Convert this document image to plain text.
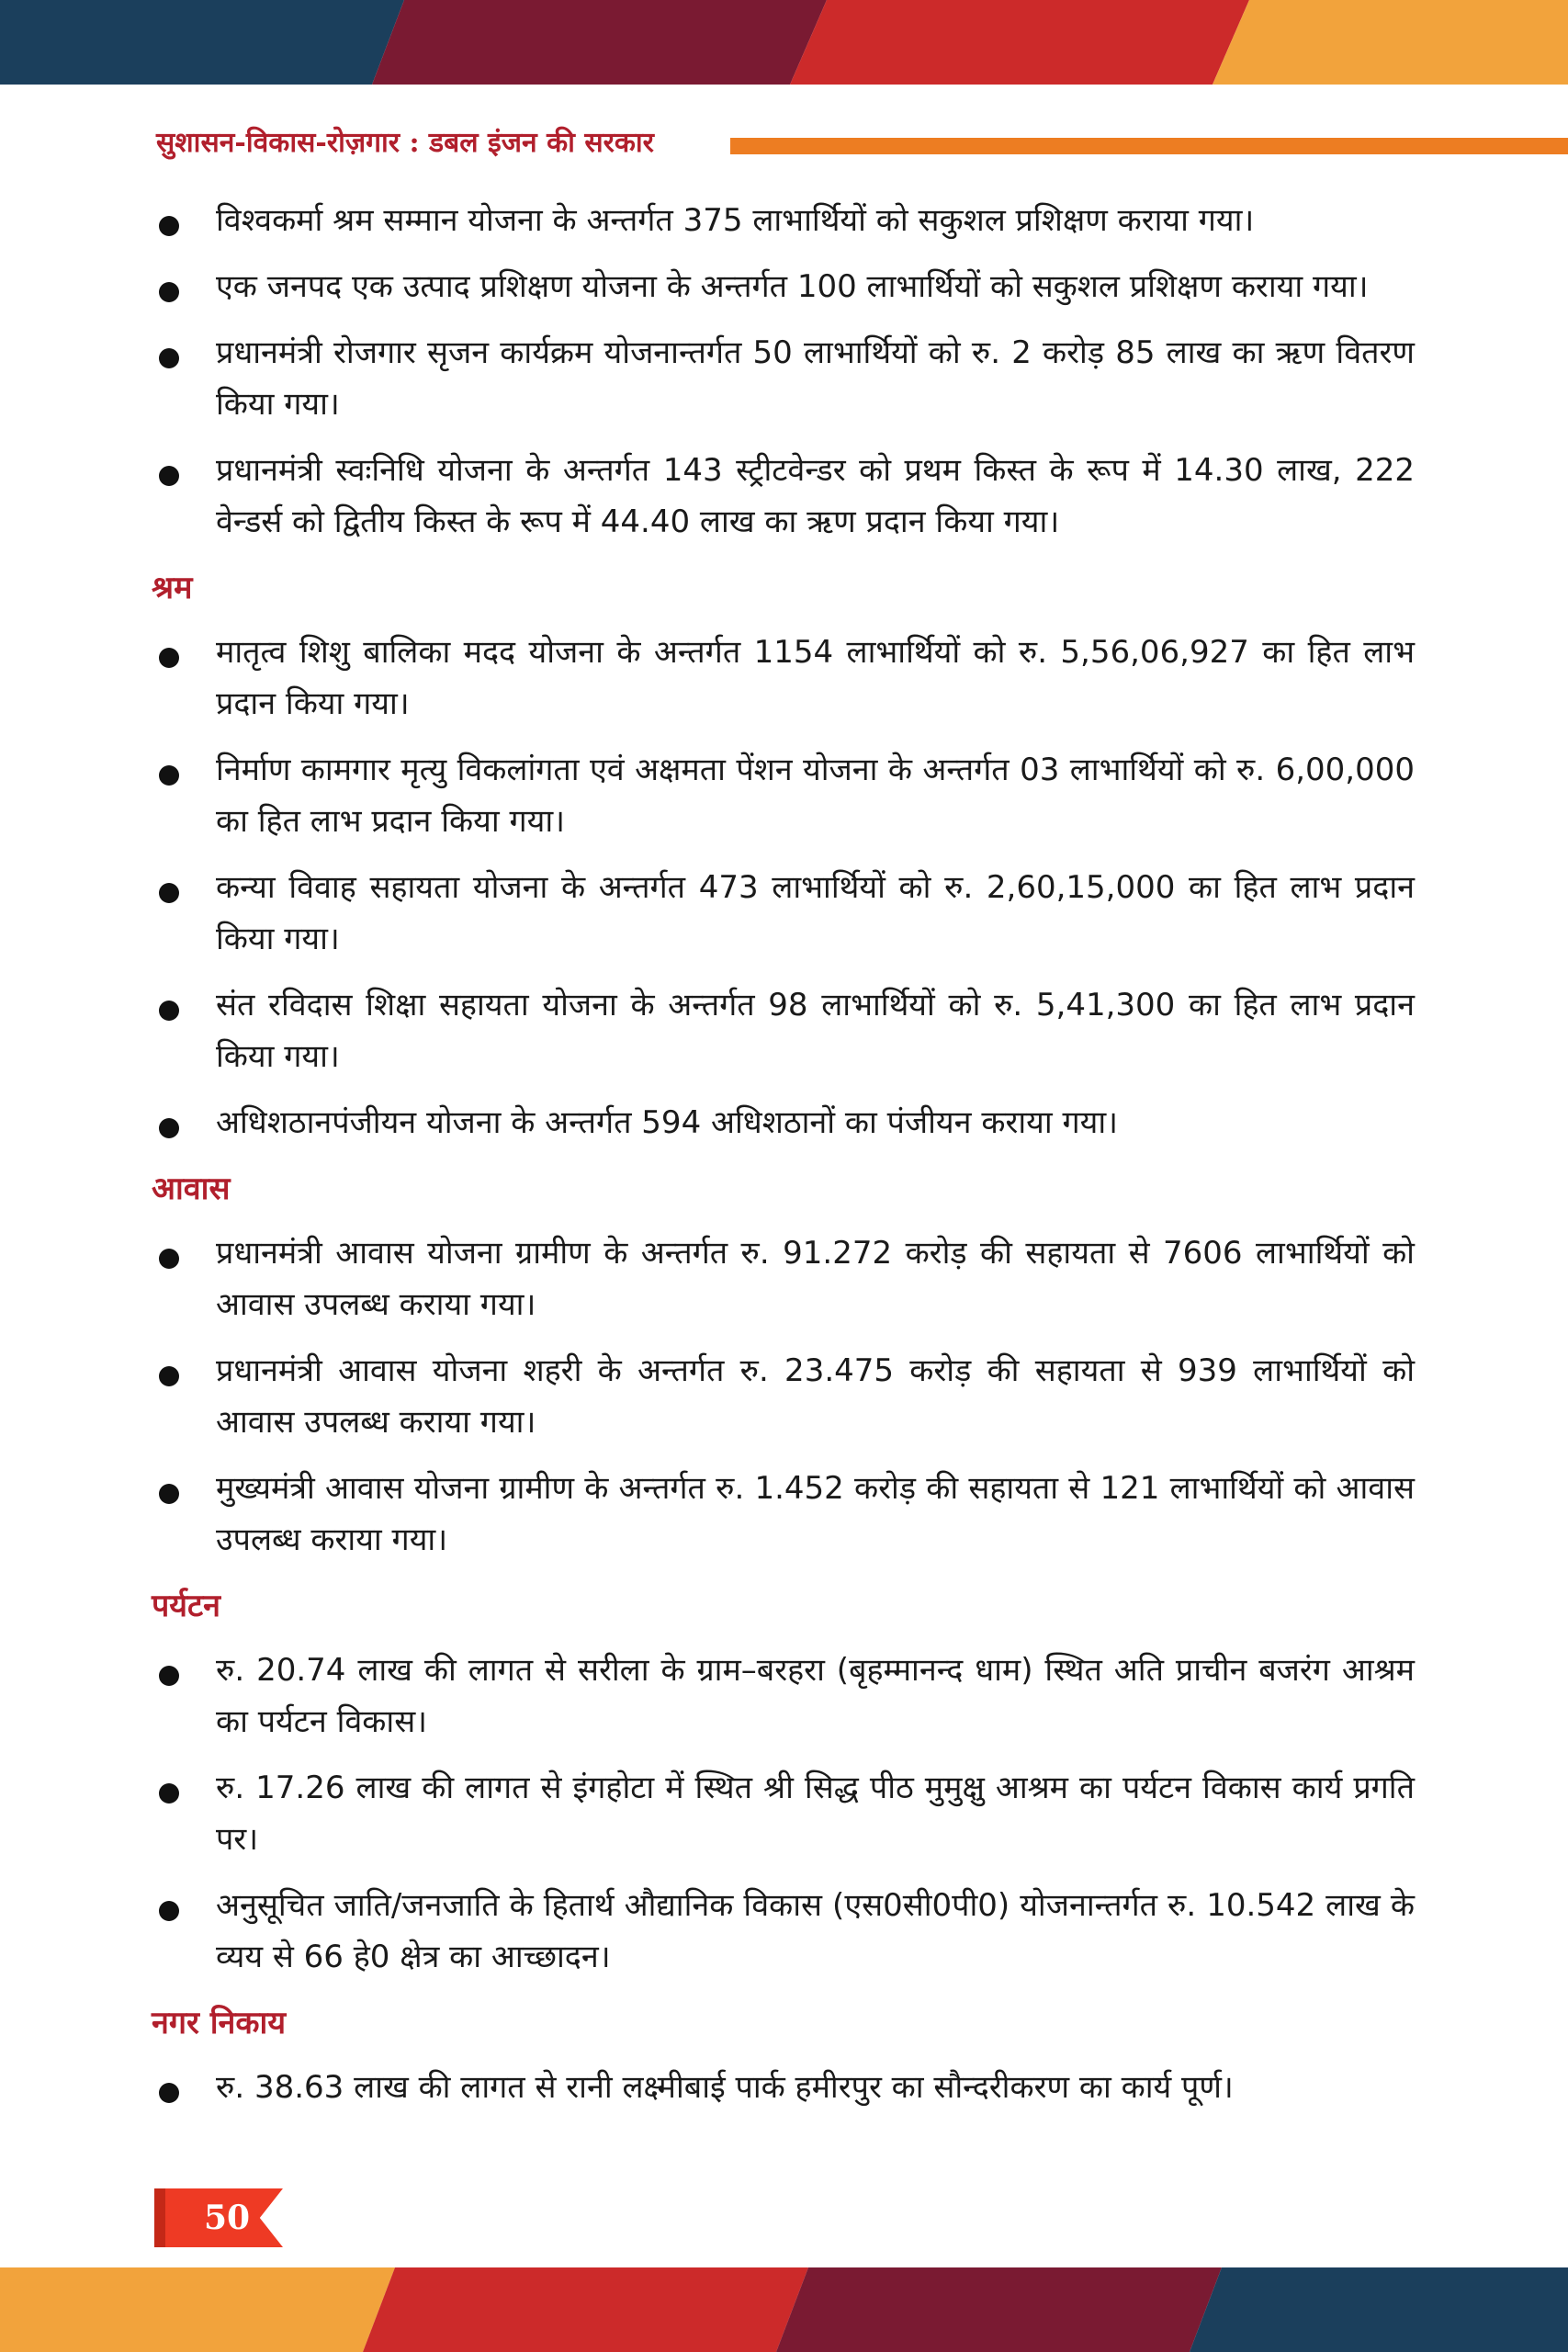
सुशासन-विकास-रोज़गार : डबल इंजन की सरकार
विश्वकर्मा श्रम सम्मान योजना के अन्तर्गत 375 लाभार्थियों को सकुशल प्रशिक्षण कराया गया।
एक जनपद एक उत्पाद प्रशिक्षण योजना के अन्तर्गत 100 लाभार्थियों को सकुशल प्रशिक्षण कराया गया।
प्रधानमंत्री रोजगार सृजन कार्यक्रम योजनान्तर्गत 50 लाभार्थियों को रु. 2 करोड़ 85 लाख का ऋण वितरण किया गया।
प्रधानमंत्री स्वःनिधि योजना के अन्तर्गत 143 स्ट्रीटवेन्डर को प्रथम किस्त के रूप में 14.30 लाख, 222 वेन्डर्स को द्वितीय किस्त के रूप में 44.40 लाख का ऋण प्रदान किया गया।
श्रम
मातृत्व शिशु बालिका मदद योजना के अन्तर्गत 1154 लाभार्थियों को रु. 5,56,06,927 का हित लाभ प्रदान किया गया।
निर्माण कामगार मृत्यु विकलांगता एवं अक्षमता पेंशन योजना के अन्तर्गत 03 लाभार्थियों को रु. 6,00,000 का हित लाभ प्रदान किया गया।
कन्या विवाह सहायता योजना के अन्तर्गत 473 लाभार्थियों को रु. 2,60,15,000 का हित लाभ प्रदान किया गया।
संत रविदास शिक्षा सहायता योजना के अन्तर्गत 98 लाभार्थियों को रु. 5,41,300 का हित लाभ प्रदान किया गया।
अधिशठानपंजीयन योजना के अन्तर्गत 594 अधिशठानों का पंजीयन कराया गया।
आवास
प्रधानमंत्री आवास योजना ग्रामीण के अन्तर्गत रु. 91.272 करोड़ की सहायता से 7606 लाभार्थियों को आवास उपलब्ध कराया गया।
प्रधानमंत्री आवास योजना शहरी के अन्तर्गत रु. 23.475 करोड़ की सहायता से 939 लाभार्थियों को आवास उपलब्ध कराया गया।
मुख्यमंत्री आवास योजना ग्रामीण के अन्तर्गत रु. 1.452 करोड़ की सहायता से 121 लाभार्थियों को आवास उपलब्ध कराया गया।
पर्यटन
रु. 20.74 लाख की लागत से सरीला के ग्राम–बरहरा (बृहम्मानन्द धाम) स्थित अति प्राचीन बजरंग आश्रम का पर्यटन विकास।
रु. 17.26 लाख की लागत से इंगहोटा में स्थित श्री सिद्ध पीठ मुमुक्षु आश्रम का पर्यटन विकास कार्य प्रगति पर।
अनुसूचित जाति/जनजाति के हितार्थ औद्यानिक विकास (एस0सी0पी0) योजनान्तर्गत रु. 10.542 लाख के व्यय से 66 हे0 क्षेत्र का आच्छादन।
नगर निकाय
रु. 38.63 लाख की लागत से रानी लक्ष्मीबाई पार्क हमीरपुर का सौन्दरीकरण का कार्य पूर्ण।
50
